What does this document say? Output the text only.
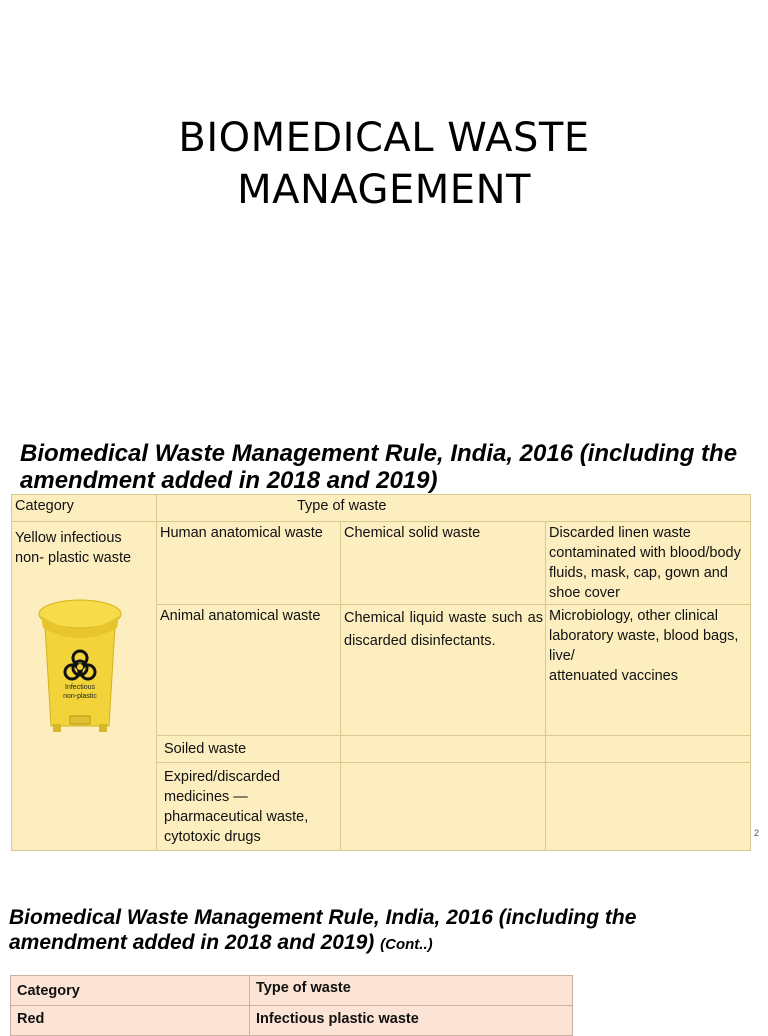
BIOMEDICAL WASTE
MANAGEMENT
Biomedical Waste Management Rule, India, 2016 (including the
amendment added in 2018 and 2019)
Category	Type of waste		

Yellow infectious
non- plastic waste
Infectious
non-plastic	Human anatomical waste	Chemical solid waste	Discarded linen waste contaminated with blood/body fluids, mask, cap, gown and shoe cover
	Animal anatomical waste	Chemical liquid waste such as discarded disinfectants.	Microbiology, other clinical laboratory waste, blood bags, live/
attenuated vaccines
	Soiled waste		
	Expired/discarded medicines — pharmaceutical waste, cytotoxic drugs			2
Biomedical Waste Management Rule, India, 2016 (including the
amendment added in 2018 and 2019) (Cont..)
Category	Type of waste
Red	Infectious plastic waste
